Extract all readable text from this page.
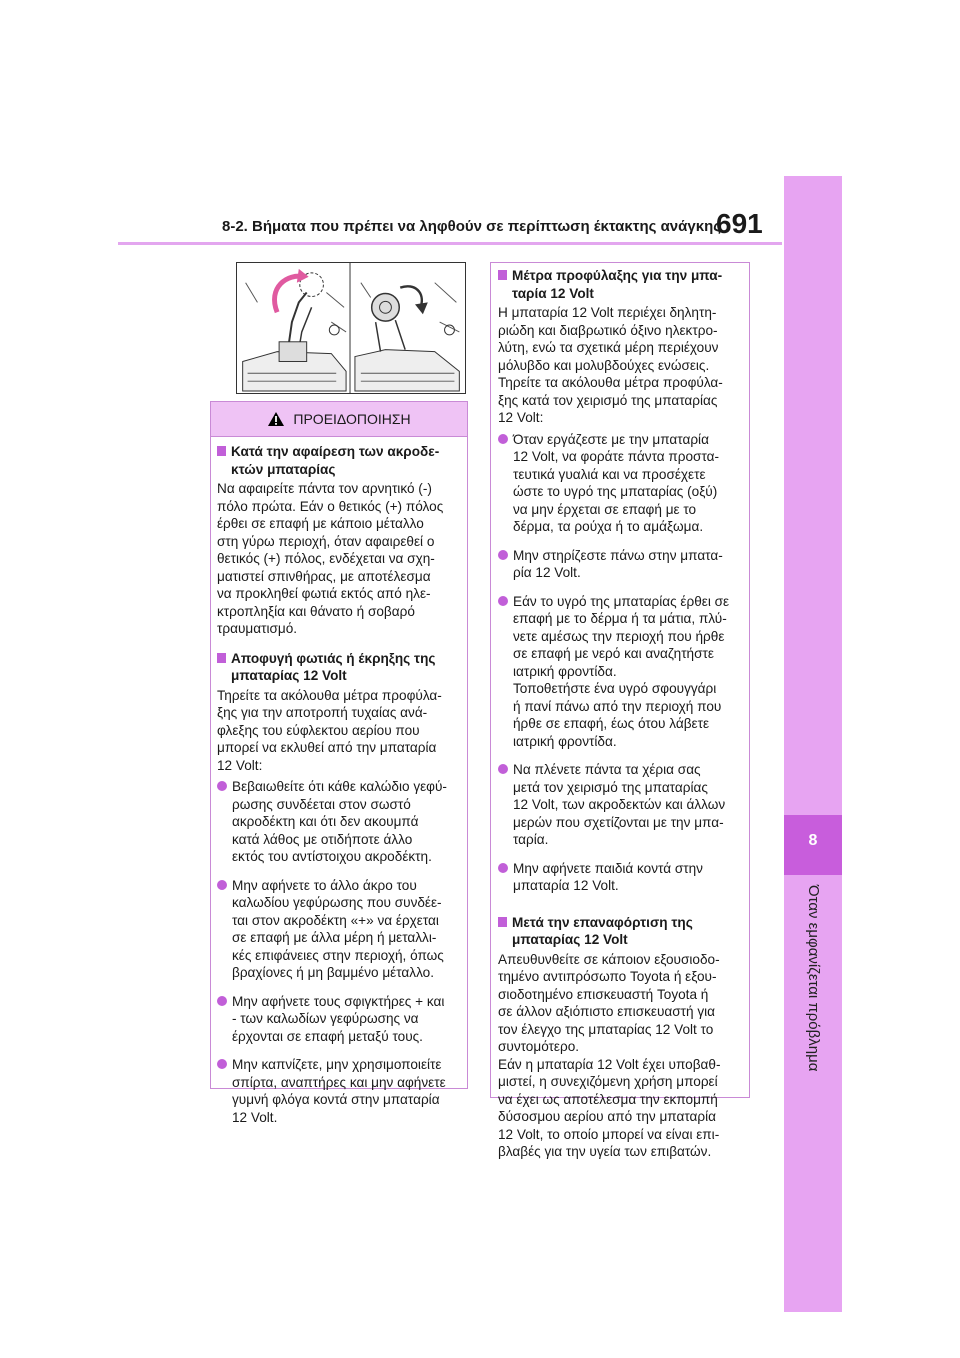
8-2. Βήματα που πρέπει να ληφθούν σε περίπτωση έκτακτης ανάγκης
691
8
Όταν εμφανίζεται πρόβλημα
ΠΡΟΕΙΔΟΠΟΙΗΣΗ
Κατά την αφαίρεση των ακροδε-
κτών μπαταρίας
Να αφαιρείτε πάντα τον αρνητικό (-)
πόλο πρώτα. Εάν ο θετικός (+) πόλος
έρθει σε επαφή με κάποιο μέταλλο
στη γύρω περιοχή, όταν αφαιρεθεί ο
θετικός (+) πόλος, ενδέχεται να σχη-
ματιστεί σπινθήρας, με αποτέλεσμα
να προκληθεί φωτιά εκτός από ηλε-
κτροπληξία και θάνατο ή σοβαρό
τραυματισμό.
Αποφυγή φωτιάς ή έκρηξης της
μπαταρίας 12 Volt
Τηρείτε τα ακόλουθα μέτρα προφύλα-
ξης για την αποτροπή τυχαίας ανά-
φλεξης του εύφλεκτου αερίου που
μπορεί να εκλυθεί από την μπαταρία
12 Volt:
Βεβαιωθείτε ότι κάθε καλώδιο γεφύ-
ρωσης συνδέεται στον σωστό
ακροδέκτη και ότι δεν ακουμπά
κατά λάθος με οτιδήποτε άλλο
εκτός του αντίστοιχου ακροδέκτη.
Μην αφήνετε το άλλο άκρο του
καλωδίου γεφύρωσης που συνδέε-
ται στον ακροδέκτη «+» να έρχεται
σε επαφή με άλλα μέρη ή μεταλλι-
κές επιφάνειες στην περιοχή, όπως
βραχίονες ή μη βαμμένο μέταλλο.
Μην αφήνετε τους σφιγκτήρες + και
- των καλωδίων γεφύρωσης να
έρχονται σε επαφή μεταξύ τους.
Μην καπνίζετε, μην χρησιμοποιείτε
σπίρτα, αναπτήρες και μην αφήνετε
γυμνή φλόγα κοντά στην μπαταρία
12 Volt.
Μέτρα προφύλαξης για την μπα-
ταρία 12 Volt
Η μπαταρία 12 Volt περιέχει δηλητη-
ριώδη και διαβρωτικό όξινο ηλεκτρο-
λύτη, ενώ τα σχετικά μέρη περιέχουν
μόλυβδο και μολυβδούχες ενώσεις.
Τηρείτε τα ακόλουθα μέτρα προφύλα-
ξης κατά τον χειρισμό της μπαταρίας
12 Volt:
Όταν εργάζεστε με την μπαταρία
12 Volt, να φοράτε πάντα προστα-
τευτικά γυαλιά και να προσέχετε
ώστε το υγρό της μπαταρίας (οξύ)
να μην έρχεται σε επαφή με το
δέρμα, τα ρούχα ή το αμάξωμα.
Μην στηρίζεστε πάνω στην μπατα-
ρία 12 Volt.
Εάν το υγρό της μπαταρίας έρθει σε
επαφή με το δέρμα ή τα μάτια, πλύ-
νετε αμέσως την περιοχή που ήρθε
σε επαφή με νερό και αναζητήστε
ιατρική φροντίδα.
Τοποθετήστε ένα υγρό σφουγγάρι
ή πανί πάνω από την περιοχή που
ήρθε σε επαφή, έως ότου λάβετε
ιατρική φροντίδα.
Να πλένετε πάντα τα χέρια σας
μετά τον χειρισμό της μπαταρίας
12 Volt, των ακροδεκτών και άλλων
μερών που σχετίζονται με την μπα-
ταρία.
Μην αφήνετε παιδιά κοντά στην
μπαταρία 12 Volt.
Μετά την επαναφόρτιση της
μπαταρίας 12 Volt
Απευθυνθείτε σε κάποιον εξουσιοδο-
τημένο αντιπρόσωπο Toyota ή εξου-
σιοδοτημένο επισκευαστή Toyota ή
σε άλλον αξιόπιστο επισκευαστή για
τον έλεγχο της μπαταρίας 12 Volt το
συντομότερο.
Εάν η μπαταρία 12 Volt έχει υποβαθ-
μιστεί, η συνεχιζόμενη χρήση μπορεί
να έχει ως αποτέλεσμα την εκπομπή
δύσοσμου αερίου από την μπαταρία
12 Volt, το οποίο μπορεί να είναι επι-
βλαβές για την υγεία των επιβατών.
